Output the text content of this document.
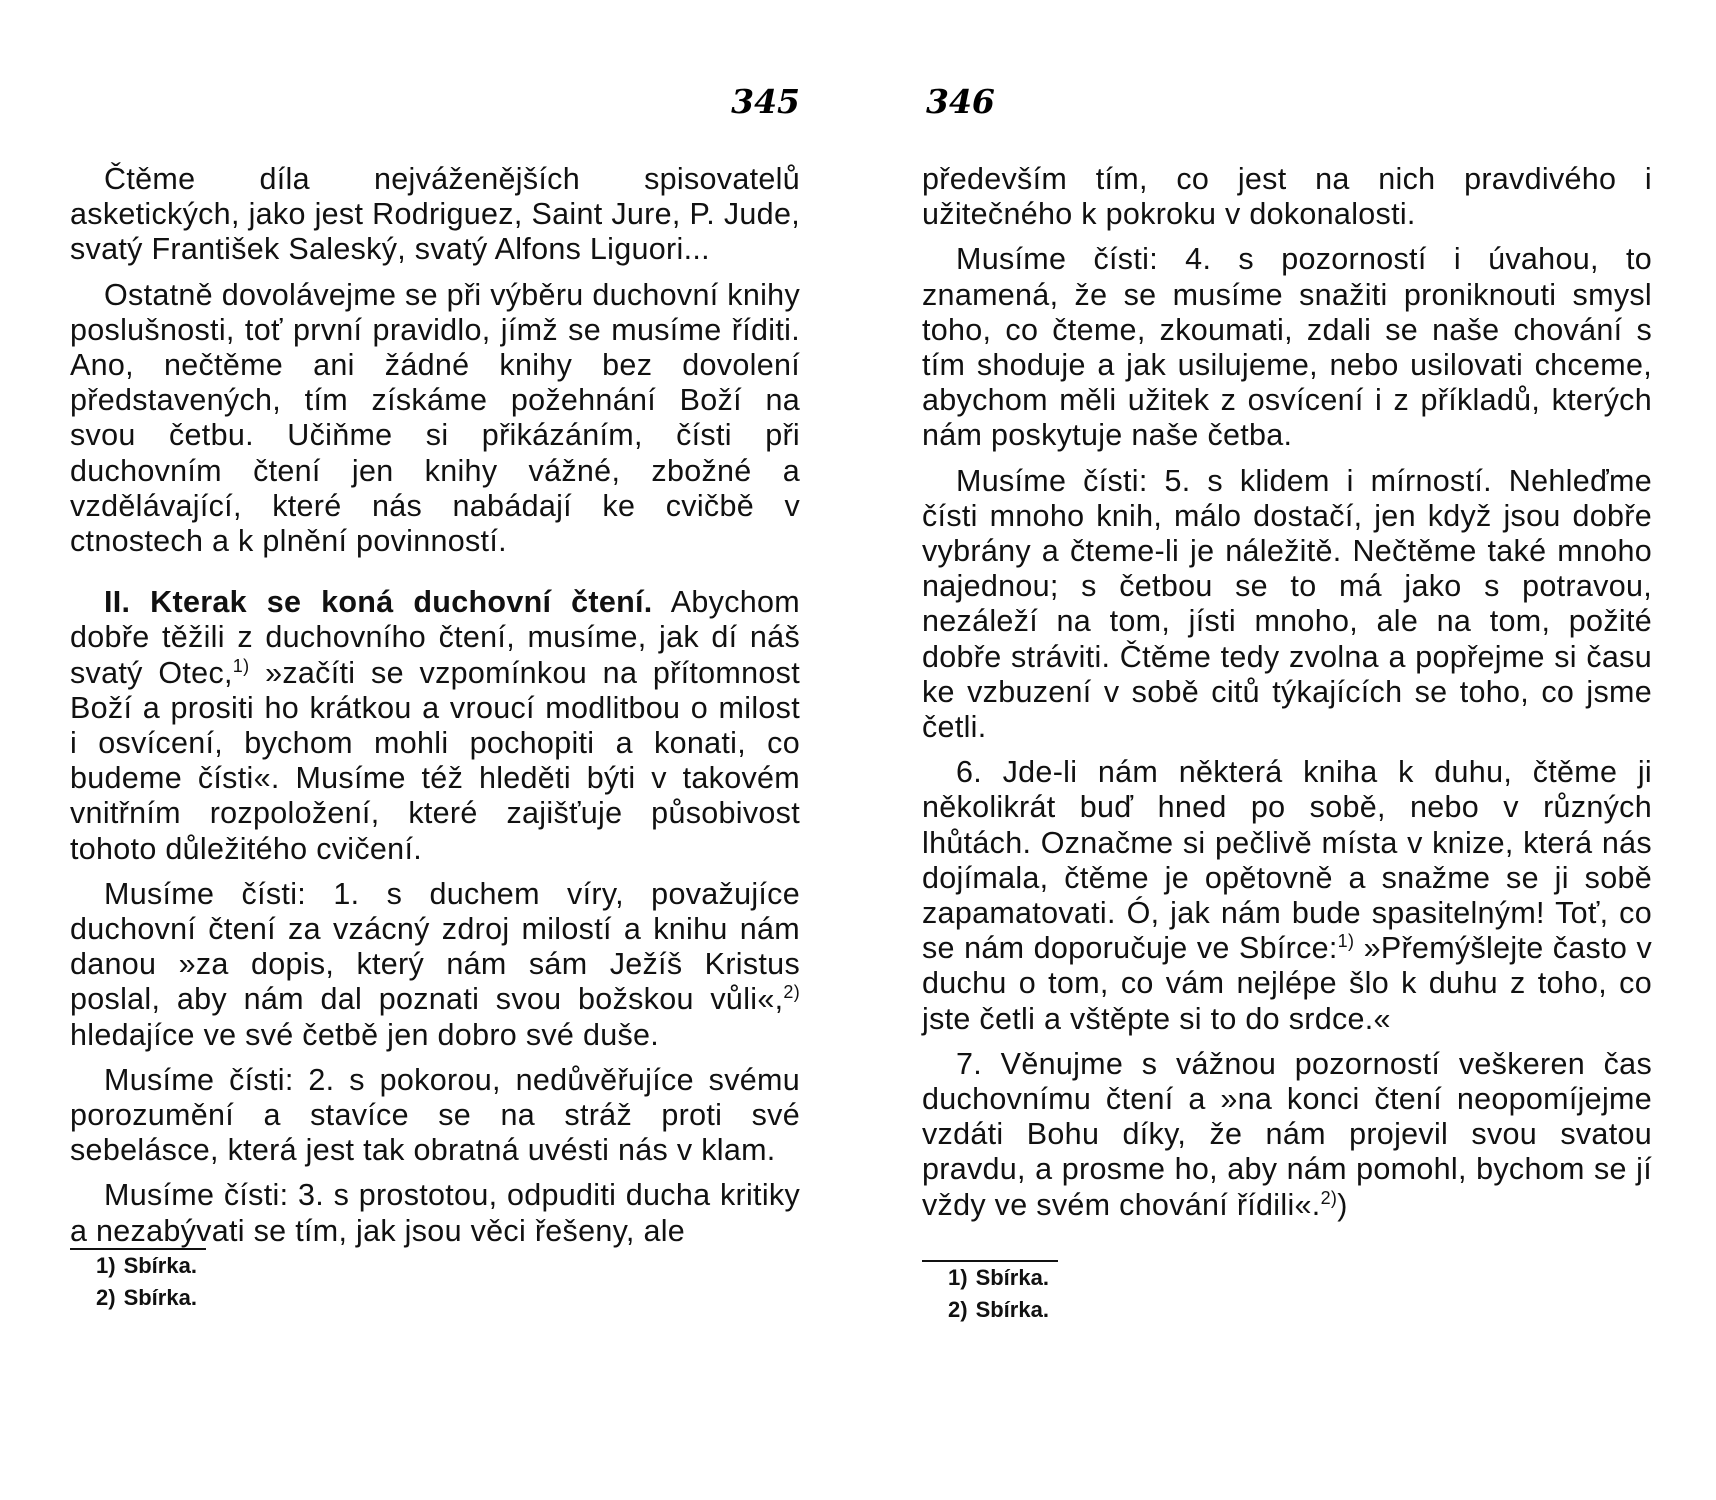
345

Čtěme díla nejváženějších spisovatelů asketických, jako jest Rodriguez, Saint Jure, P. Jude, svatý František Saleský, svatý Alfons Liguori...

Ostatně dovolávejme se při výběru duchovní knihy poslušnosti, toť první pravidlo, jímž se musíme říditi. Ano, nečtěme ani žádné knihy bez dovolení představených, tím získáme požehnání Boží na svou četbu. Učiňme si přikázáním, čísti při duchovním čtení jen knihy vážné, zbožné a vzdělávající, které nás nabádají ke cvičbě v ctnostech a k plnění povinností.

II. Kterak se koná duchovní čtení. Abychom dobře těžili z duchovního čtení, musíme, jak dí náš svatý Otec,$^{1)}$ »začíti se vzpomínkou na přítomnost Boží a prositi ho krátkou a vroucí modlitbou o milost i osvícení, bychom mohli pochopiti a konati, co budeme čísti«. Musíme též hleděti býti v takovém vnitřním rozpoložení, které zajišťuje působivost tohoto důležitého cvičení.

Musíme čísti: 1. s duchem víry, považujíce duchovní čtení za vzácný zdroj milostí a knihu nám danou »za dopis, který nám sám Ježíš Kristus poslal, aby nám dal poznati svou božskou vůli«,$^{2)}$ hledajíce ve své četbě jen dobro své duše.

Musíme čísti: 2. s pokorou, nedůvěřujíce svému porozumění a stavíce se na stráž proti své sebelásce, která jest tak obratná uvésti nás v klam.

Musíme čísti: 3. s prostotou, odpuditi ducha kritiky a nezabývati se tím, jak jsou věci řešeny, ale

1) Sbírka.
2) Sbírka.
346

především tím, co jest na nich pravdivého i užitečného k pokroku v dokonalosti.

Musíme čísti: 4. s pozorností i úvahou, to znamená, že se musíme snažiti proniknouti smysl toho, co čteme, zkoumati, zdali se naše chování s tím shoduje a jak usilujeme, nebo usilovati chceme, abychom měli užitek z osvícení i z příkladů, kterých nám poskytuje naše četba.

Musíme čísti: 5. s klidem i mírností. Nehleďme čísti mnoho knih, málo dostačí, jen když jsou dobře vybrány a čteme-li je náležitě. Nečtěme také mnoho najednou; s četbou se to má jako s potravou, nezáleží na tom, jísti mnoho, ale na tom, požité dobře stráviti. Čtěme tedy zvolna a popřejme si času ke vzbuzení v sobě citů týkajících se toho, co jsme četli.

6. Jde-li nám některá kniha k duhu, čtěme ji několikrát buď hned po sobě, nebo v různých lhůtách. Označme si pečlivě místa v knize, která nás dojímala, čtěme je opětovně a snažme se ji sobě zapamatovati. Ó, jak nám bude spasitelným! Toť, co se nám doporučuje ve Sbírce:$^{1)}$ »Přemýšlejte často v duchu o tom, co vám nejlépe šlo k duhu z toho, co jste četli a vštěpte si to do srdce.«

7. Věnujme s vážnou pozorností veškeren čas duchovnímu čtení a »na konci čtení neopomíjejme vzdáti Bohu díky, že nám projevil svou svatou pravdu, a prosme ho, aby nám pomohl, bychom se jí vždy ve svém chování řídili«.$^{2)}$)

1) Sbírka.
2) Sbírka.
